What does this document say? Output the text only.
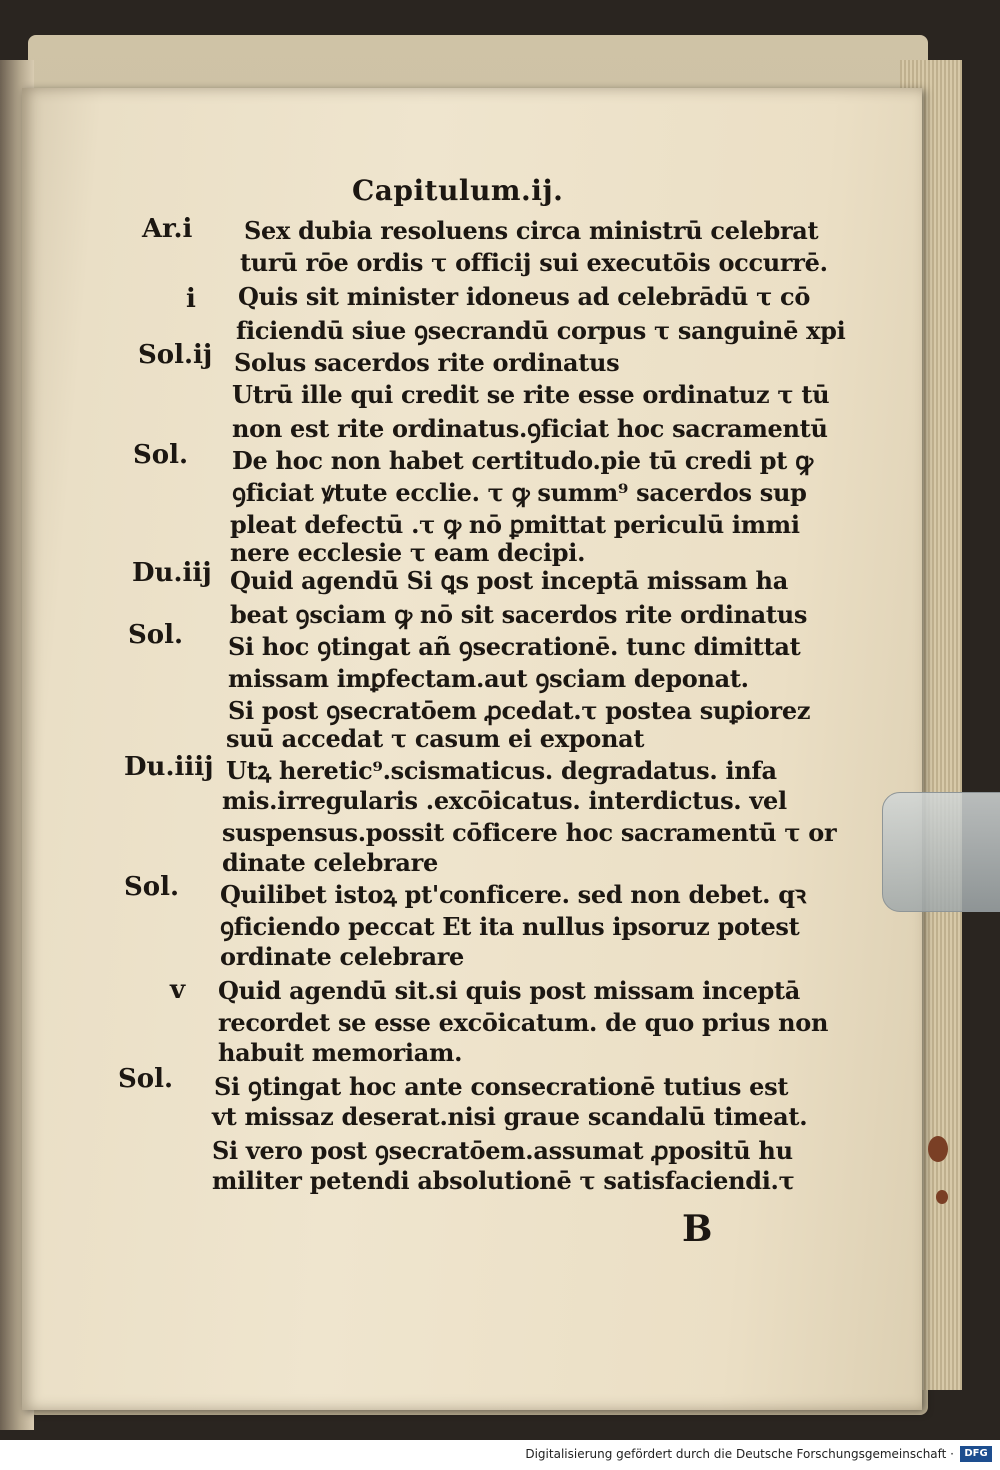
Capitulum.ij.
Ar.i
i
Sol.ij
Sol.
Du.iij
Sol.
Du.iiij
Sol.
v
Sol.
Sex dubia resoluens circa ministrū celebrat
turū rōe ordis τ officij sui executōis occurrē.
Quis sit minister idoneus ad celebrādū τ cō
ficiendū siue ꝯsecrandū corpus τ sanguinē xpi
Solus sacerdos rite ordinatus
Utrū ille qui credit se rite esse ordinatuz τ tū
non est rite ordinatus.ꝯficiat hoc sacramentū
De hoc non habet certitudo.pie tū credi pt ꝙ
ꝯficiat ꝟtute ecclie. τ ꝙ summ⁹ sacerdos sup
pleat defectū .τ ꝙ nō ꝑmittat periculū immi
nere ecclesie τ eam decipi.
Quid agendū Si ꝗs post inceptā missam ha
beat ꝯsciam ꝙ nō sit sacerdos rite ordinatus
Si hoc ꝯtingat añ ꝯsecrationē. tunc dimittat
missam imꝑfectam.aut ꝯsciam deponat.
Si post ꝯsecratōem ꝓcedat.τ postea suꝑiorez
suū accedat τ casum ei exponat
Utꝝ heretic⁹.scismaticus. degradatus. infa
mis.irregularis .excōicatus. interdictus. vel
suspensus.possit cōficere hoc sacramentū τ or
dinate celebrare
Quilibet istoꝝ pt'conficere. sed non debet. qꝛ
ꝯficiendo peccat Et ita nullus ipsoruz potest
ordinate celebrare
Quid agendū sit.si quis post missam inceptā
recordet se esse excōicatum. de quo prius non
habuit memoriam.
Si ꝯtingat hoc ante consecrationē tutius est
vt missaz deserat.nisi graue scandalū timeat.
Si vero post ꝯsecratōem.assumat ꝓpositū hu
militer petendi absolutionē τ satisfaciendi.τ
B
Digitalisierung gefördert durch die Deutsche Forschungsgemeinschaft ·	DFG
